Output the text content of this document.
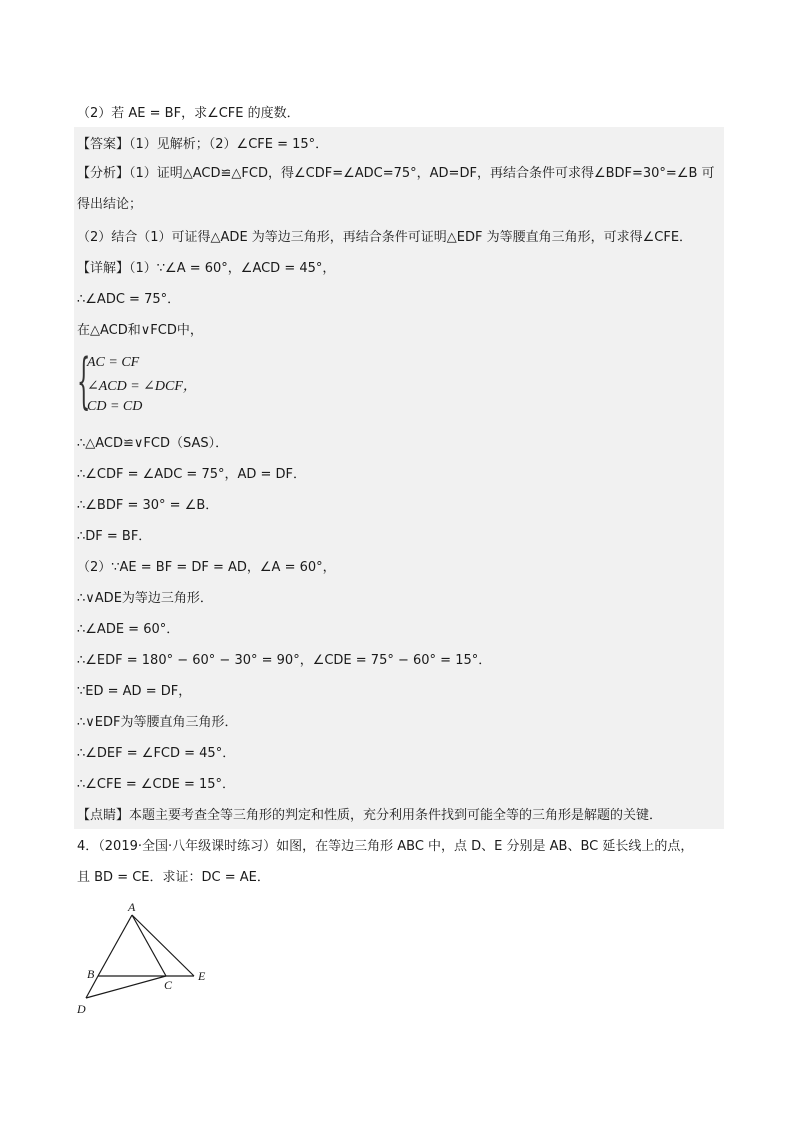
（2）若 AE = BF，求∠CFE 的度数．
【答案】（1）见解析；（2）∠CFE = 15°．
【分析】（1）证明△ACD≌△FCD，得∠CDF=∠ADC=75°，AD=DF，再结合条件可求得∠BDF=30°=∠B 可得出结论；
（2）结合（1）可证得△ADE 为等边三角形，再结合条件可证明△EDF 为等腰直角三角形，可求得∠CFE．
【详解】（1）∵∠A = 60°，∠ACD = 45°，
∴∠ADC = 75°．
在△ACD和∨FCD中，
{
AC = CF
∠ACD = ∠DCF，
CD = CD
∴△ACD≌∨FCD（SAS）．
∴∠CDF = ∠ADC = 75°，AD = DF．
∴∠BDF = 30° = ∠B．
∴DF = BF．
（2）∵AE = BF = DF = AD，∠A = 60°，
∴∨ADE为等边三角形．
∴∠ADE = 60°．
∴∠EDF = 180° − 60° − 30° = 90°，∠CDE = 75° − 60° = 15°．
∵ED = AD = DF，
∴∨EDF为等腰直角三角形．
∴∠DEF = ∠FCD = 45°．
∴∠CFE = ∠CDE = 15°．
【点睛】本题主要考查全等三角形的判定和性质，充分利用条件找到可能全等的三角形是解题的关键．
4．（2019·全国·八年级课时练习）如图，在等边三角形 ABC 中，点 D、E 分别是 AB、BC 延长线上的点，
且 BD = CE．求证：DC = AE．
A
B
C
D
E
